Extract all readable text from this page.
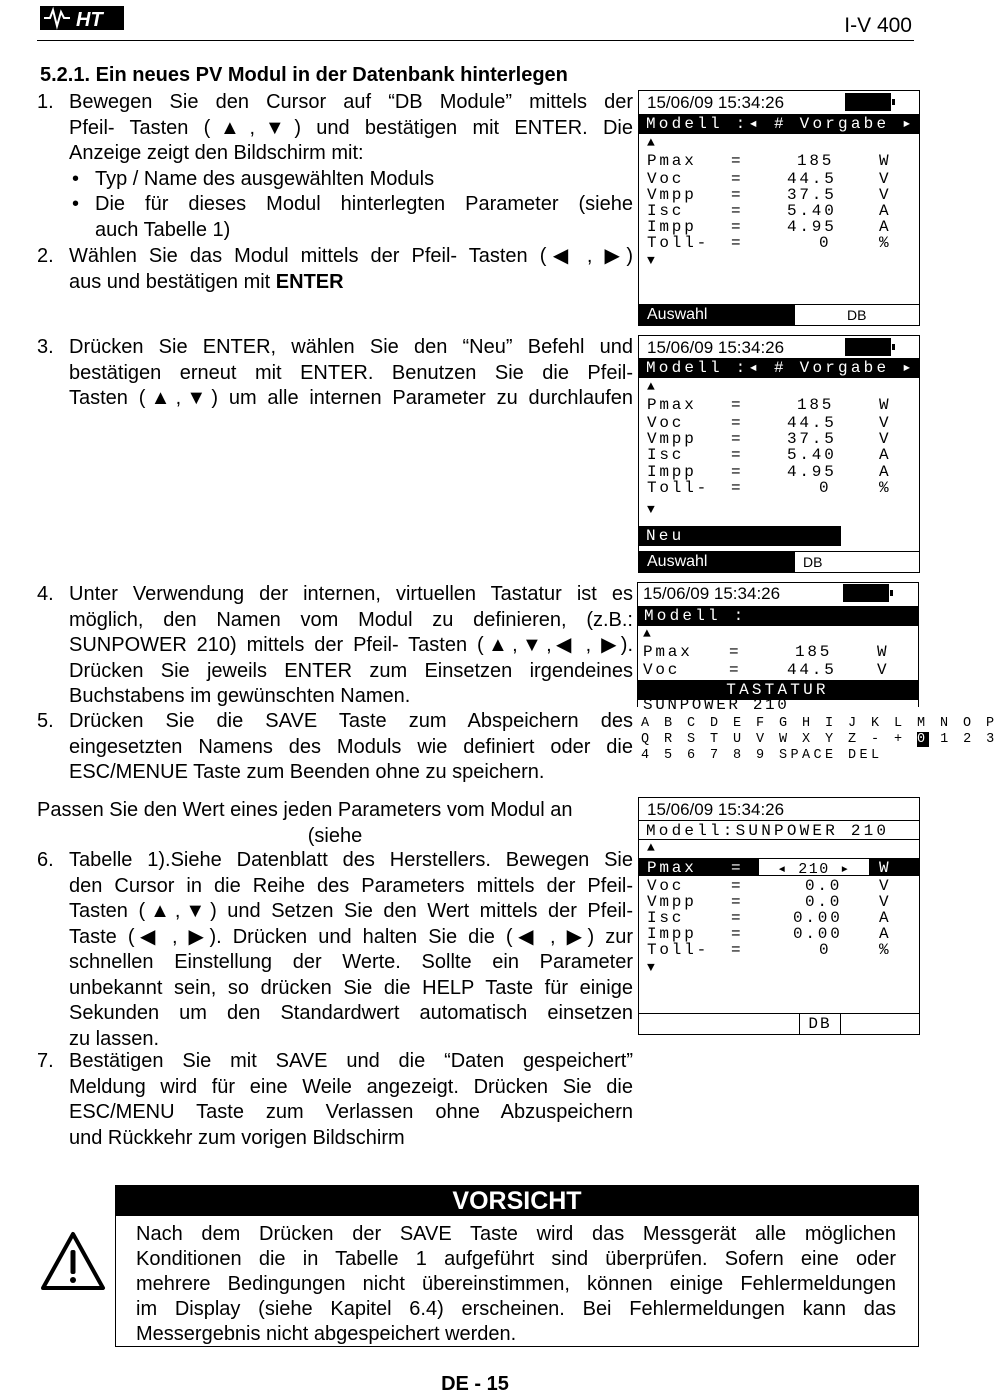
HT	I-V 400
5.2.1. Ein neues PV Modul in der Datenbank hinterlegen
1. Bewegen Sie den Cursor auf “DB Module” mittels der
Pfeil- Tasten (▲,▼) und bestätigen mit ENTER. Die
Anzeige zeigt den Bildschirm mit:
• Typ / Name des ausgewählten Moduls
• Die für dieses Modul hinterlegten Parameter (siehe
auch Tabelle 1)
2. Wählen Sie das Modul mittels der Pfeil- Tasten (◀ , ▶)
aus und bestätigen mit ENTER
3. Drücken Sie ENTER, wählen Sie den “Neu” Befehl und
bestätigen erneut mit ENTER. Benutzen Sie die Pfeil-
Tasten (▲,▼) um alle internen Parameter zu durchlaufen
4. Unter Verwendung der internen, virtuellen Tastatur ist es
möglich, den Namen vom Modul zu definieren, (z.B.:
SUNPOWER 210) mittels der Pfeil- Tasten (▲,▼,◀ , ▶).
Drücken Sie jeweils ENTER zum Einsetzen irgendeines
Buchstabens im gewünschten Namen.
5. Drücken Sie die SAVE Taste zum Abspeichern des
eingesetzten Namens des Moduls wie definiert oder die
ESC/MENUE Taste zum Beenden ohne zu speichern.
Passen Sie den Wert eines jeden Parameters vom Modul an
(siehe
6. Tabelle 1).Siehe Datenblatt des Herstellers. Bewegen Sie
den Cursor in die Reihe des Parameters mittels der Pfeil-
Tasten (▲,▼) und Setzen Sie den Wert mittels der Pfeil-
Taste (◀ , ▶). Drücken und halten Sie die (◀ , ▶) zur
schnellen Einstellung der Werte. Sollte ein Parameter
unbekannt sein, so drücken Sie die HELP Taste für einige
Sekunden um den Standardwert automatisch einsetzen
zu lassen.
7. Bestätigen Sie mit SAVE und die “Daten gespeichert”
Meldung wird für eine Weile angezeigt. Drücken Sie die
ESC/MENU Taste zum Verlassen ohne Abzuspeichern
und Rückkehr zum vorigen Bildschirm
15/06/09 15:34:26
Modell :◂ # Vorgabe ▸
▲
Pmax =	185	W
Voc	=	44.5	V
Vmpp =	37.5	V
Isc	=	5.40	A
Impp =	4.95	A
Toll- =	0	%
▼
Auswahl	DB
15/06/09 15:34:26
Modell :◂ # Vorgabe ▸
▲
Pmax =	185	W
Voc	=	44.5	V
Vmpp =	37.5	V
Isc	=	5.40	A
Impp =	4.95	A
Toll- =	0	%
▼
Neu
Auswahl	DB
15/06/09 15:34:26
Modell :
▲
Pmax =	185	W
Voc	=	44.5	V
TASTATUR
SUNPOWER 210
A B C D E F G H I J K L M N O P
Q R S T U V W X Y Z - + 0 1 2 3
4 5 6 7 8 9 SPACE DEL
15/06/09 15:34:26
Modell:SUNPOWER 210
▲
Pmax =	◂ 210 ▸	W
Voc	=	0.0 V
Vmpp =	0.0 V
Isc	=	0.00 A
Impp =	0.00 A
Toll- =	0	%
▼
DB
VORSICHT
Nach dem Drücken der SAVE Taste wird das Messgerät alle möglichen
Konditionen die in Tabelle 1 aufgeführt sind überprüfen. Sofern eine oder
mehrere Bedingungen nicht übereinstimmen, können einige Fehlermeldungen
im Display (siehe Kapitel 6.4) erscheinen. Bei Fehlermeldungen kann das
Messergebnis nicht abgespeichert werden.
DE - 15
